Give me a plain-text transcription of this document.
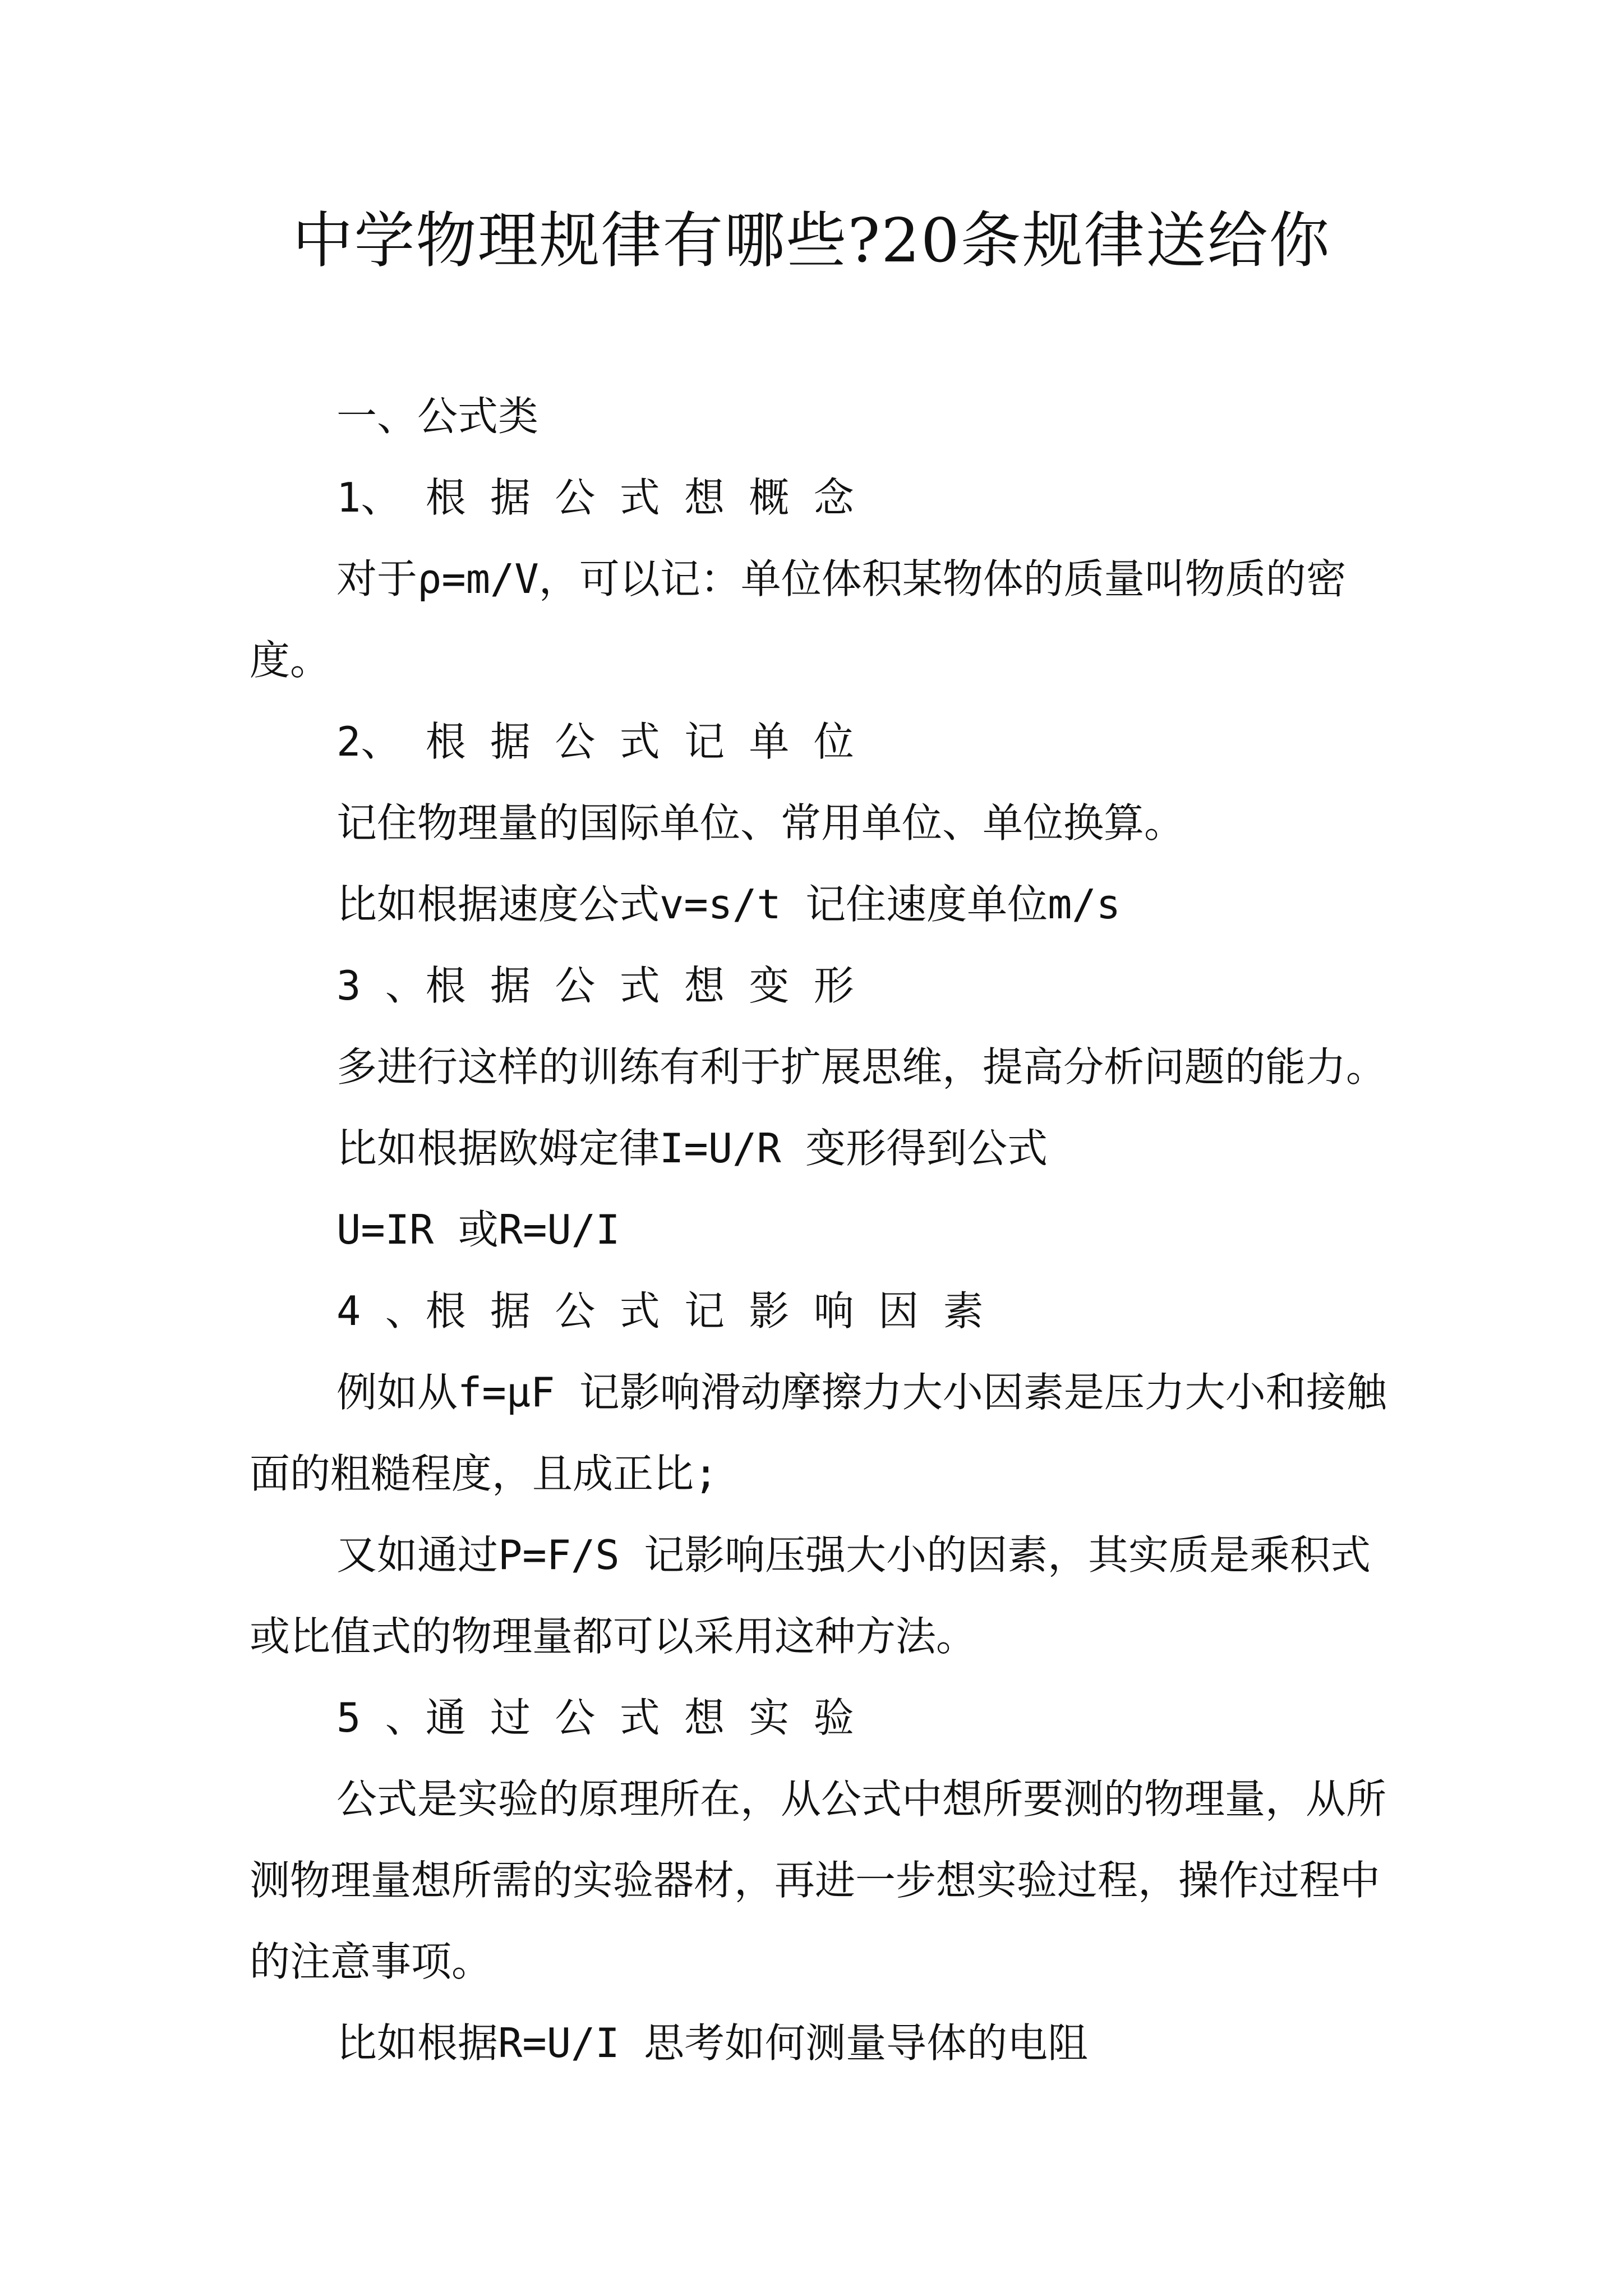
中学物理规律有哪些?20条规律送给你

一、公式类

1、 根 据 公 式 想 概 念

对于ρ=m/V，可以记：单位体积某物体的质量叫物质的密度。

2、 根 据 公 式 记 单 位

记住物理量的国际单位、常用单位、单位换算。

比如根据速度公式v=s/t 记住速度单位m/s

3 、根 据 公 式 想 变 形

多进行这样的训练有利于扩展思维，提高分析问题的能力。

比如根据欧姆定律I=U/R 变形得到公式

U=IR 或R=U/I

4 、根 据 公 式 记 影 响 因 素

例如从f=μF 记影响滑动摩擦力大小因素是压力大小和接触面的粗糙程度，且成正比;

又如通过P=F/S 记影响压强大小的因素，其实质是乘积式或比值式的物理量都可以采用这种方法。

5 、通 过 公 式 想 实 验

公式是实验的原理所在，从公式中想所要测的物理量，从所测物理量想所需的实验器材，再进一步想实验过程，操作过程中的注意事项。

比如根据R=U/I 思考如何测量导体的电阻
